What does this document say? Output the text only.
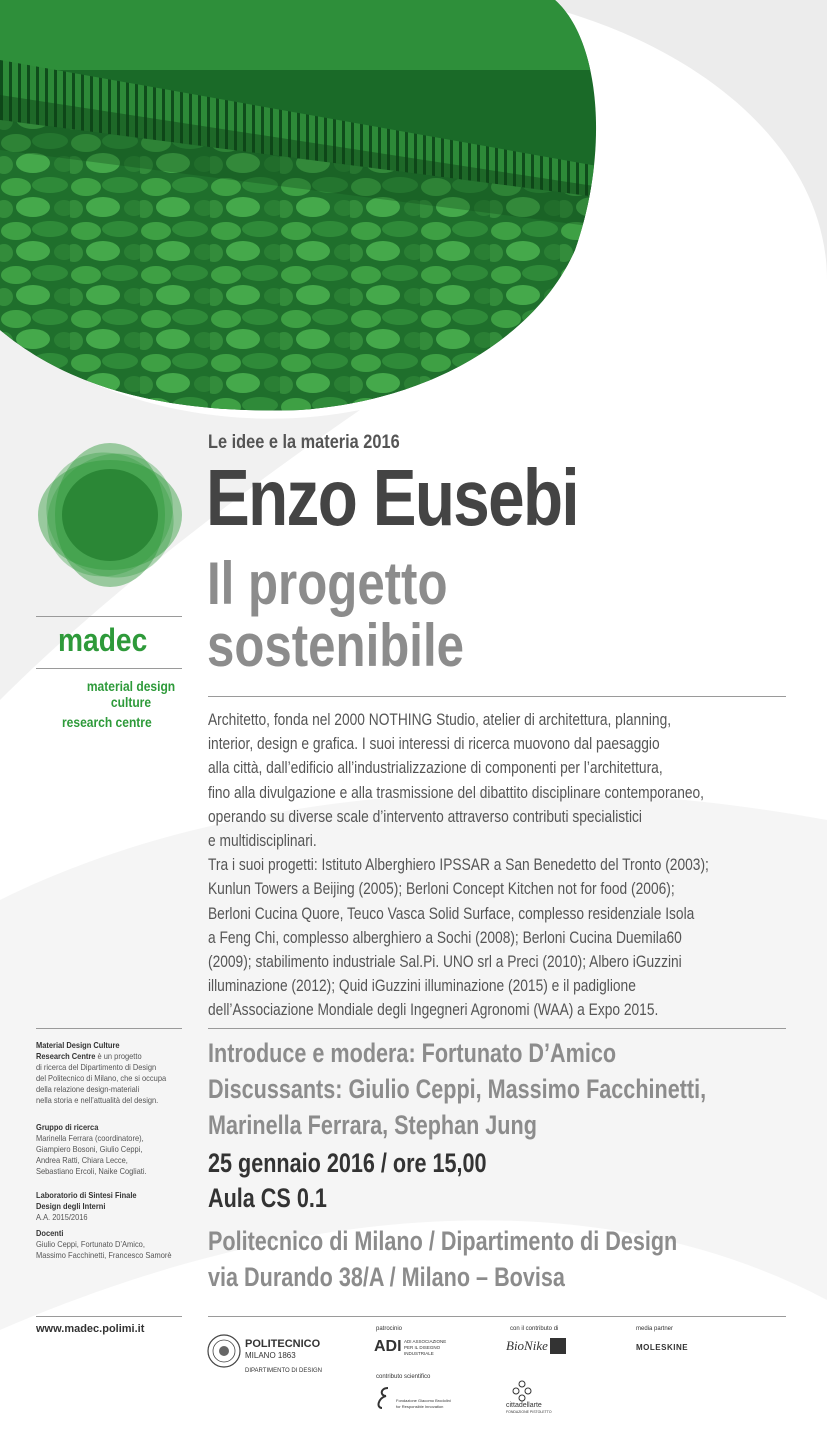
madec
material design
culture
research centre
Le idee e la materia 2016
Enzo Eusebi
Il progetto
sostenibile

Architetto, fonda nel 2000 NOTHING Studio, atelier di architettura, planning,

interior, design e grafica. I suoi interessi di ricerca muovono dal paesaggio

alla città, dall’edificio all’industrializzazione di componenti per l’architettura,

fino alla divulgazione e alla trasmissione del dibattito disciplinare contemporaneo,

operando su diverse scale d’intervento attraverso contributi specialistici

e multidisciplinari.

Tra i suoi progetti: Istituto Alberghiero IPSSAR a San Benedetto del Tronto (2003);

Kunlun Towers a Beijing (2005); Berloni Concept Kitchen not for food (2006);

Berloni Cucina Quore, Teuco Vasca Solid Surface, complesso residenziale Isola

a Feng Chi, complesso alberghiero a Sochi (2008); Berloni Cucina Duemila60

(2009); stabilimento industriale Sal.Pi. UNO srl a Preci (2010); Albero iGuzzini

illuminazione (2012); Quid iGuzzini illuminazione (2015) e il padiglione

dell’Associazione Mondiale degli Ingegneri Agronomi (WAA) a Expo 2015.

Introduce e modera: Fortunato D’Amico
Discussants: Giulio Ceppi, Massimo Facchinetti,
Marinella Ferrara, Stephan Jung
25 gennaio 2016 / ore 15,00
Aula CS 0.1
Politecnico di Milano / Dipartimento di Design
via Durando 38/A / Milano – Bovisa
Material Design Culture
Research Centre è un progetto
di ricerca del Dipartimento di Design
del Politecnico di Milano, che si occupa
della relazione design-materiali
nella storia e nell’attualità del design.
Gruppo di ricerca
Marinella Ferrara (coordinatore),
Giampiero Bosoni, Giulio Ceppi,
Andrea Ratti, Chiara Lecce,
Sebastiano Ercoli, Naike Cogliati.
Laboratorio di Sintesi Finale
Design degli Interni
A.A. 2015/2016
Docenti
Giulio Ceppi, Fortunato D’Amico,
Massimo Facchinetti, Francesco Samorè
www.madec.polimi.it
POLITECNICO
MILANO 1863
DIPARTIMENTO DI DESIGN
patrocinio
ADI ADI ASSOCIAZIONE
PER IL DISEGNO
INDUSTRIALE
con il contributo di
BioNike
media partner
MOLESKINE
contributo scientifico
Fondazione Giacomo Brodolini
for Responsible Innovation	cittadellarte
FONDAZIONE PISTOLETTO
